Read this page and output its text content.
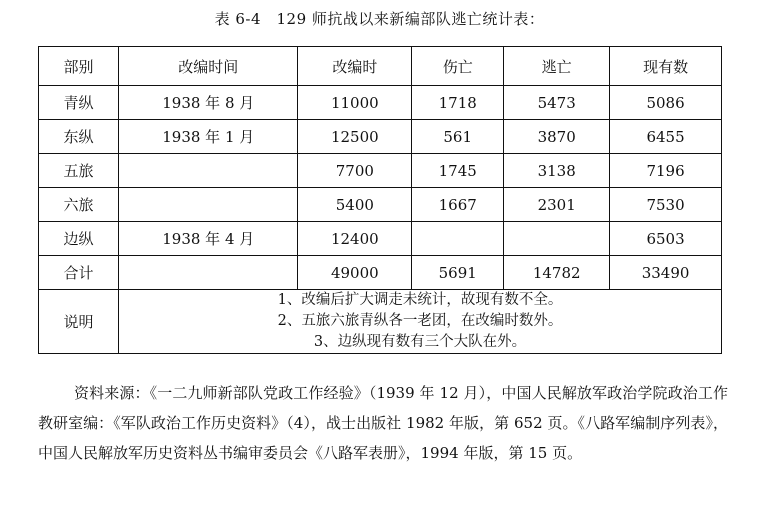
表 6-4　129 师抗战以来新编部队逃亡统计表：
部别	改编时间	改编时	伤亡	逃亡	现有数
青纵	1938 年 8 月	11000	1718	5473	5086
东纵	1938 年 1 月	12500	561	3870	6455
五旅		7700	1745	3138	7196
六旅		5400	1667	2301	7530
边纵	1938 年 4 月	12400			6503
合计		49000	5691	14782	33490
说明	1、改编后扩大调走未统计，故现有数不全。
2、五旅六旅青纵各一老团，在改编时数外。
3、边纵现有数有三个大队在外。				
资料来源：《一二九师新部队党政工作经验》（1939 年 12 月），中国人民解放军政治学院政治工作教研室编：《军队政治工作历史资料》（4），战士出版社 1982 年版，第 652 页。《八路军编制序列表》，中国人民解放军历史资料丛书编审委员会《八路军表册》，1994 年版，第 15 页。
